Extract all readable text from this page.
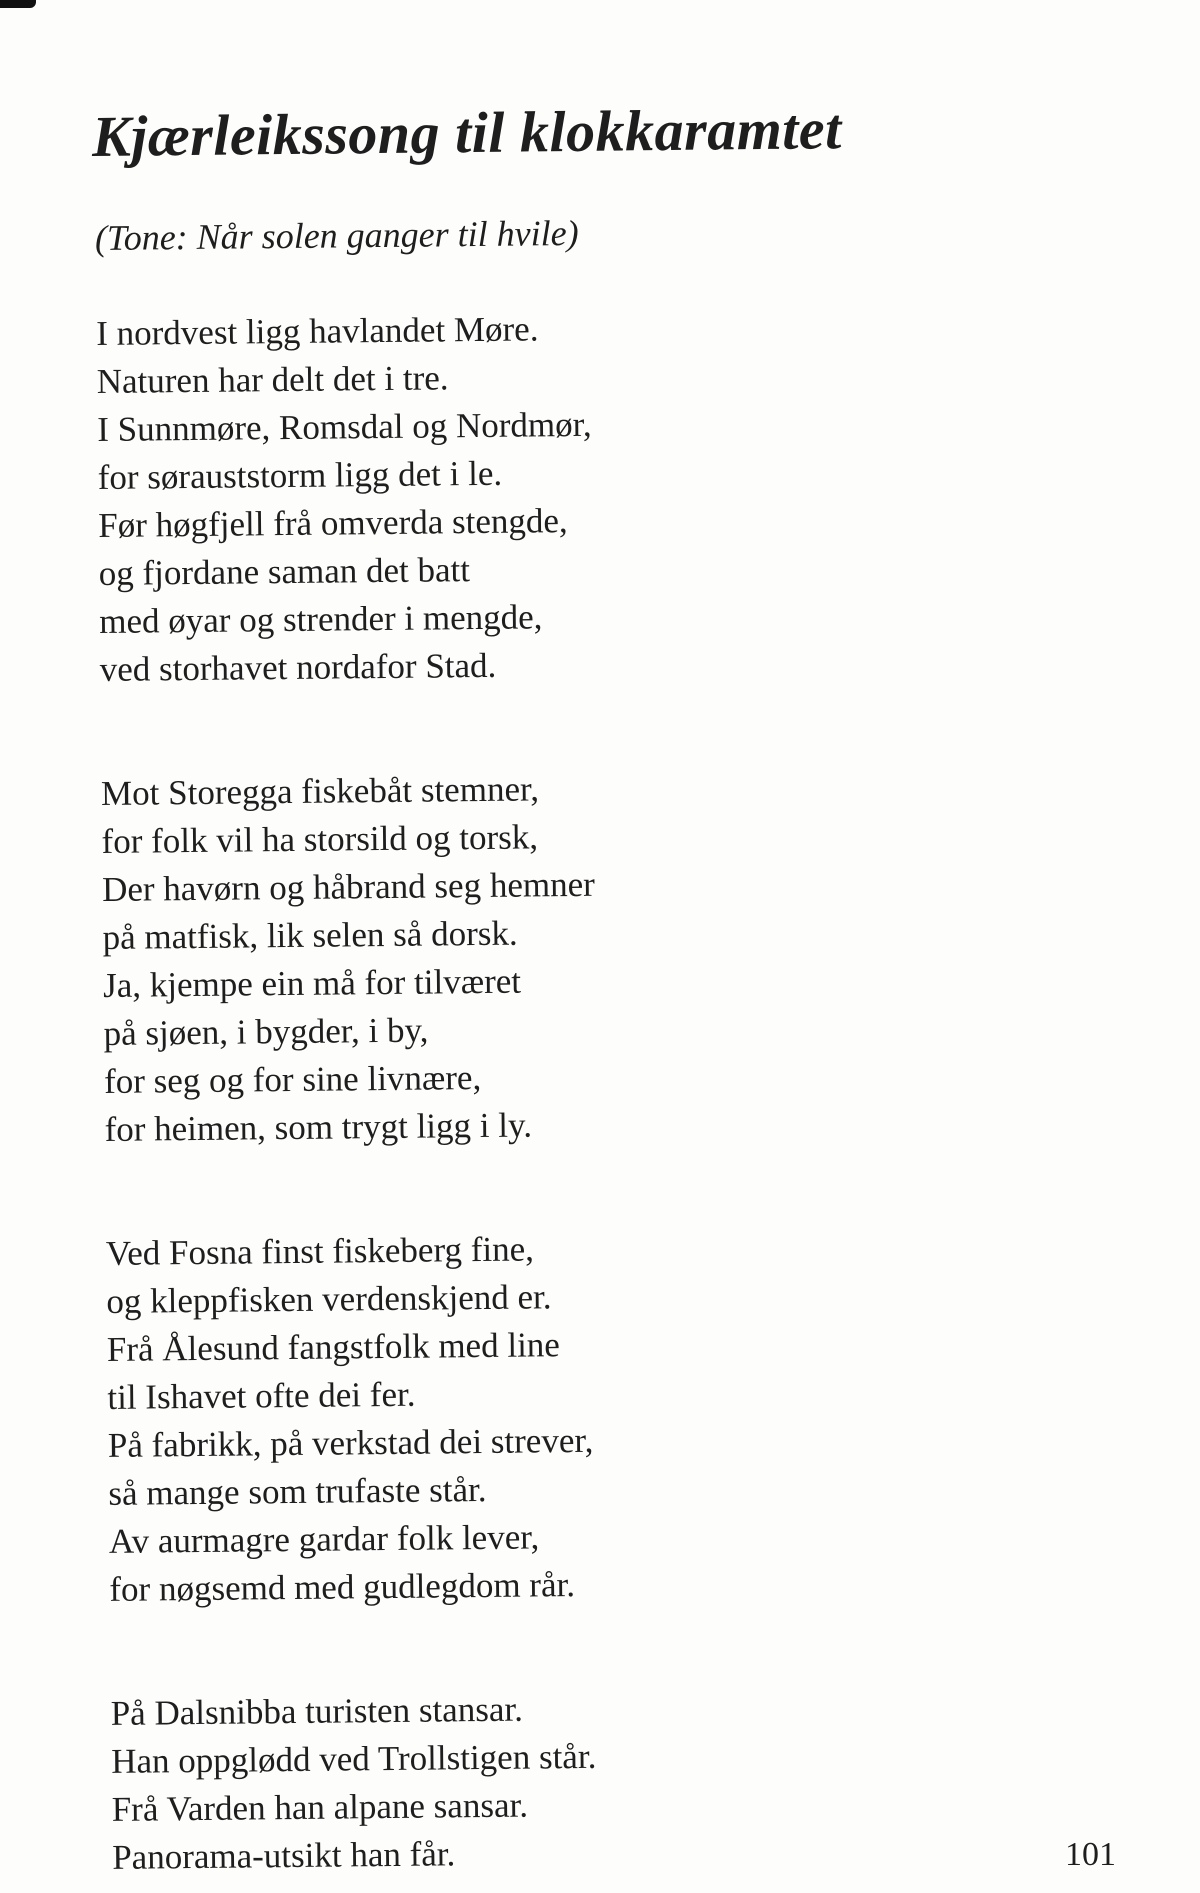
Kjærleikssong til klokkaramtet

(Tone: Når solen ganger til hvile)

I nordvest ligg havlandet Møre.
Naturen har delt det i tre.
I Sunnmøre, Romsdal og Nordmør,
for søraustst​orm ligg det i le.
Før høgfjell frå omverda stengde,
og fjordane saman det batt
med øyar og strender i mengde,
ved storhavet nordafor Stad.
Mot Storegga fiskebåt stemner,
for folk vil ha storsild og torsk,
Der havørn og håbrand seg hemner
på matfisk, lik selen så dorsk.
Ja, kjempe ein må for tilværet
på sjøen, i bygder, i by,
for seg og for sine livnære,
for heimen, som trygt ligg i ly.
Ved Fosna finst fiskeberg fine,
og kleppfisken verdenskjend er.
Frå Ålesund fangstfolk med line
til Ishavet ofte dei fer.
På fabrikk, på verkstad dei strever,
så mange som trufaste står.
Av aurmagre gardar folk lever,
for nøgsemd med gudlegdom rår.
På Dalsnibba turisten stansar.
Han oppglødd ved Trollstigen står.
Frå Varden han alpane sansar.
Panorama-utsikt han får.	101
